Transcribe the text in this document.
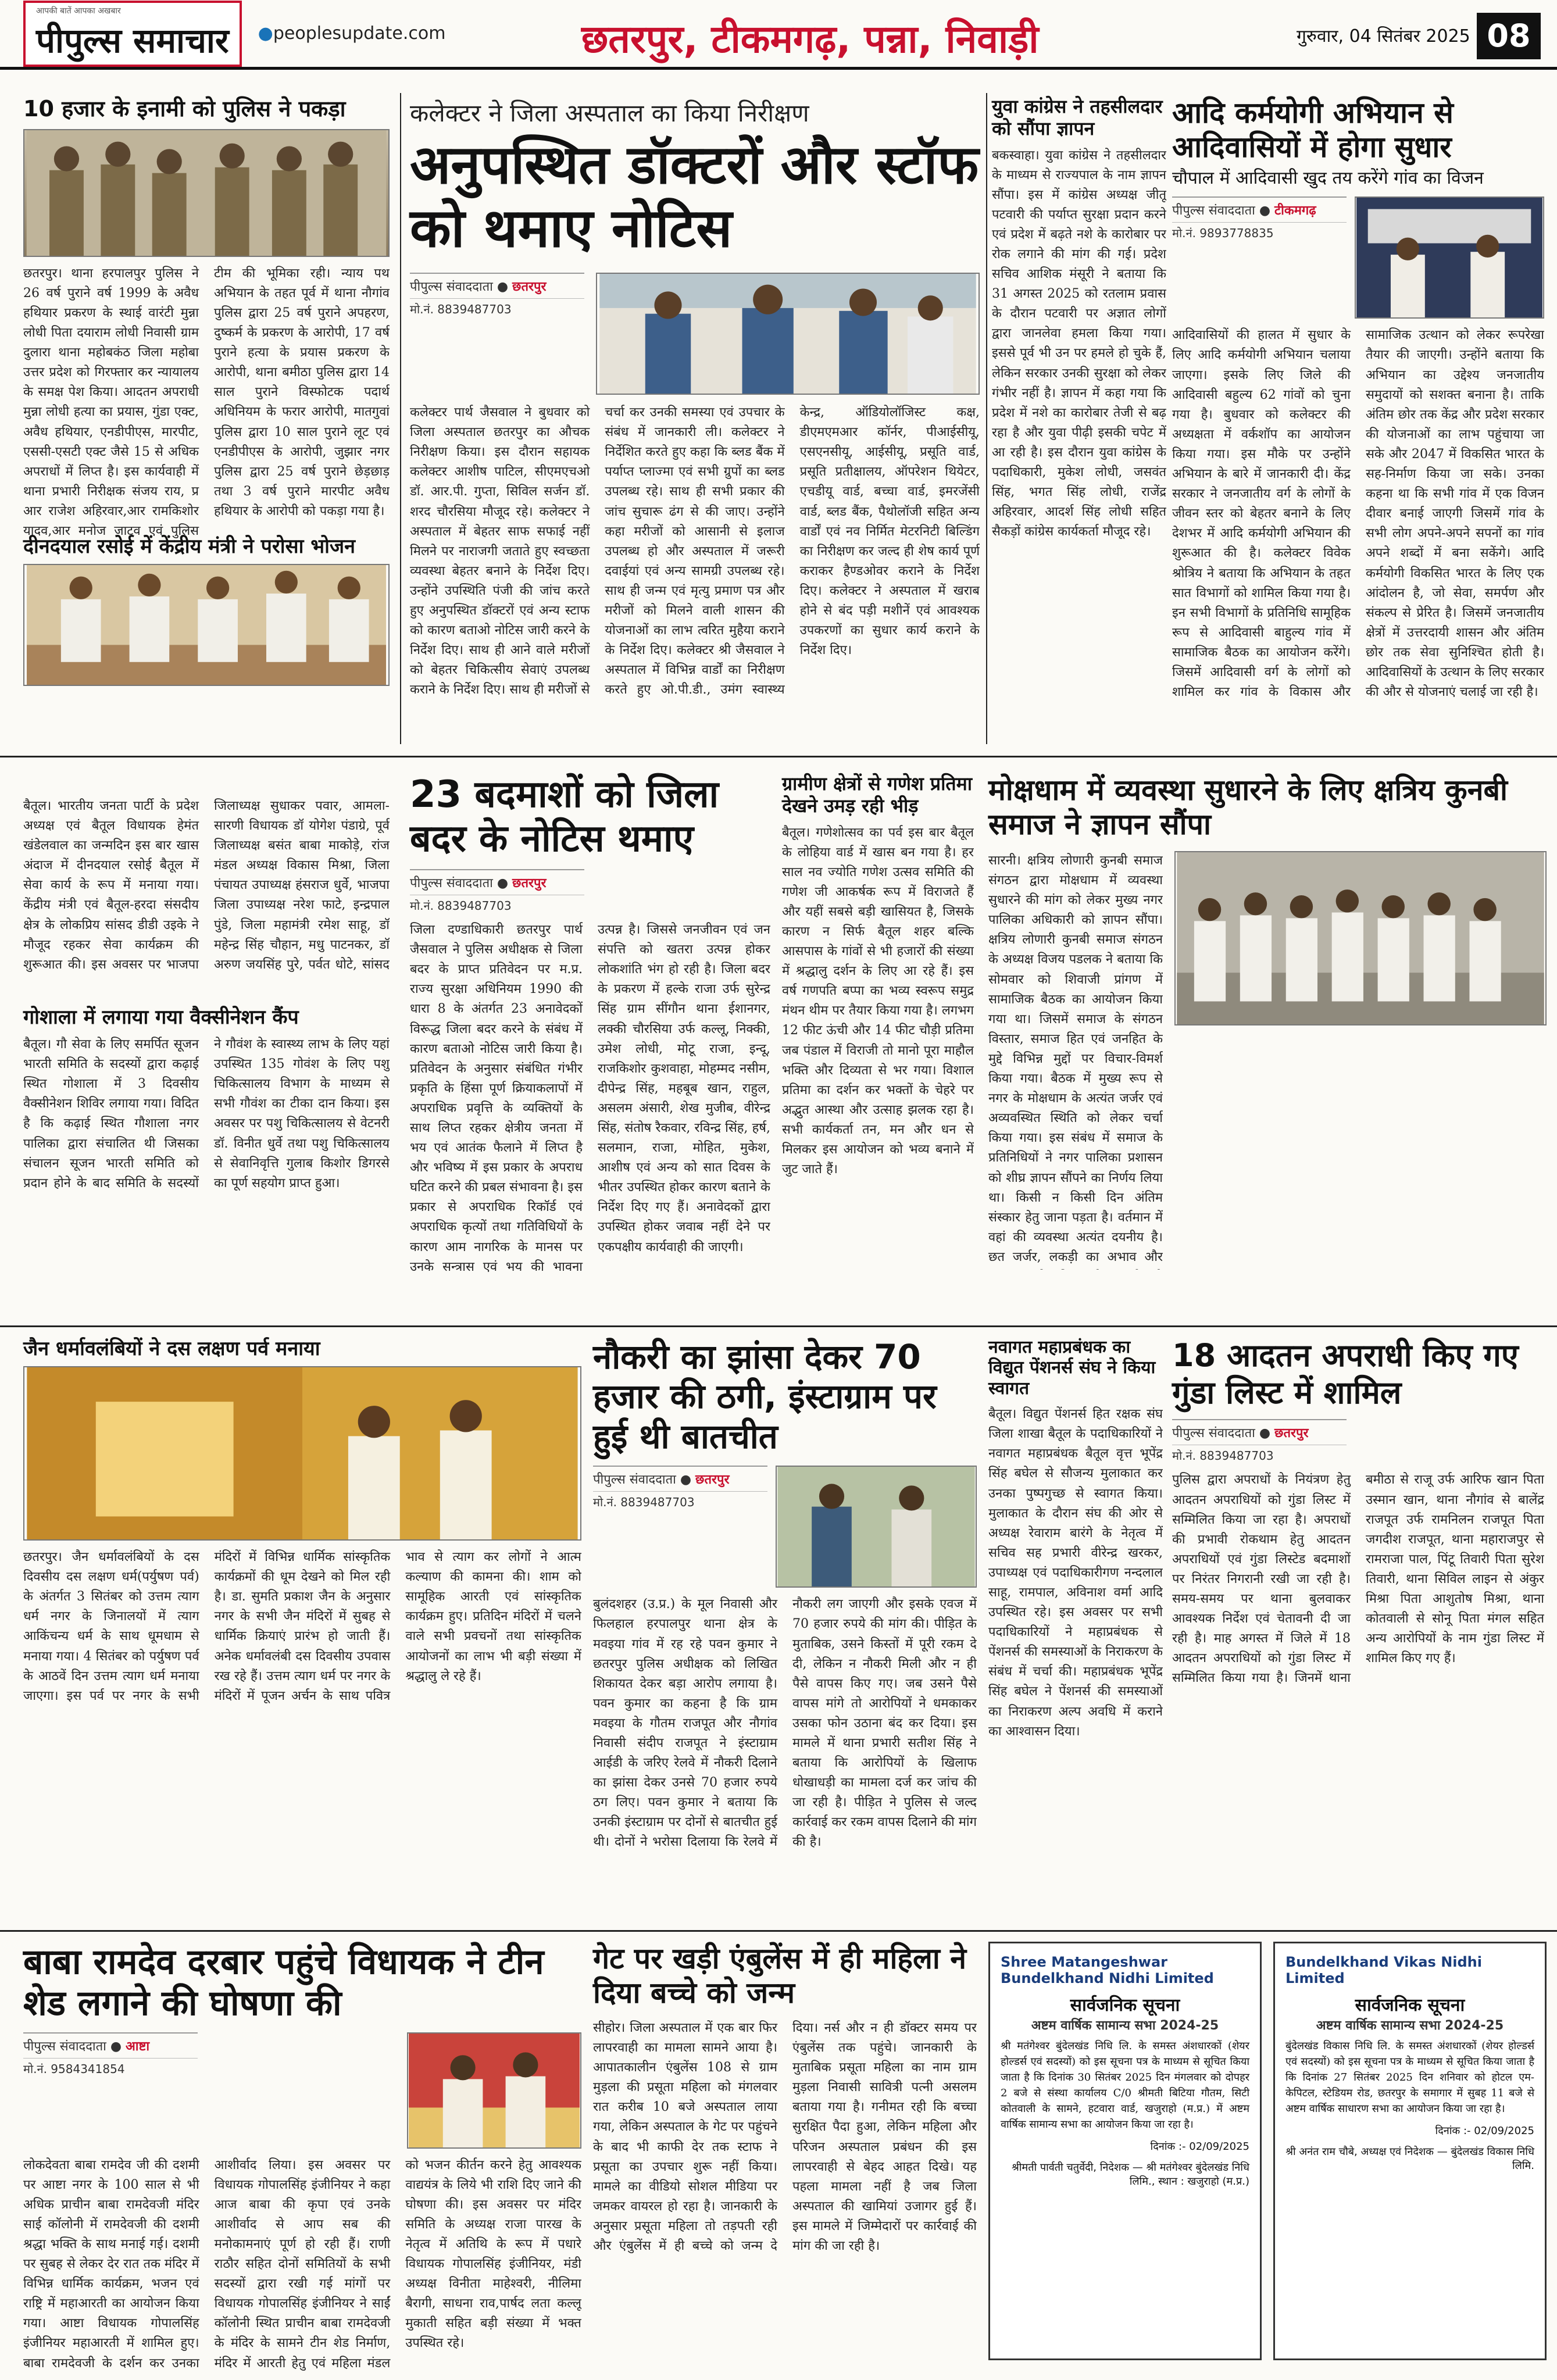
आपकी बातें आपका अखबार
पीपुल्स समाचार
●	peoplesupdate.com	छतरपुर, टीकमगढ़, पन्ना, निवाड़ी	गुरुवार, 04 सितंबर 2025 08
10 हजार के इनामी को पुलिस ने पकड़ा
छतरपुर। थाना हरपालपुर पुलिस ने 26 वर्ष पुराने वर्ष 1999 के अवैध हथियार प्रकरण के स्थाई वारंटी मुन्ना लोधी पिता दयाराम लोधी निवासी ग्राम दुलारा थाना महोबकंठ जिला महोबा उत्तर प्रदेश को गिरफ्तार कर न्यायालय के समक्ष पेश किया। आदतन अपराधी मुन्ना लोधी हत्या का प्रयास, गुंडा एक्ट, अवैध हथियार, एनडीपीएस, मारपीट, एससी-एसटी एक्ट जैसे 15 से अधिक अपराधों में लिप्त है। इस कार्यवाही में थाना प्रभारी निरीक्षक संजय राय, प्र आर राजेश अहिरवार,आर रामकिशोर यादव,आर मनोज जाटव एवं पुलिस टीम की भूमिका रही। न्याय पथ अभियान के तहत पूर्व में थाना नौगांव पुलिस द्वारा 25 वर्ष पुराने अपहरण, दुष्कर्म के प्रकरण के आरोपी, 17 वर्ष पुराने हत्या के प्रयास प्रकरण के आरोपी, थाना बमीठा पुलिस द्वारा 14 साल पुराने विस्फोटक पदार्थ अधिनियम के फरार आरोपी, मातगुवां पुलिस द्वारा 10 साल पुराने लूट एवं एनडीपीएस के आरोपी, जुझार नगर पुलिस द्वारा 25 वर्ष पुराने छेड़छाड़ तथा 3 वर्ष पुराने मारपीट अवैध हथियार के आरोपी को पकड़ा गया है।
दीनदयाल रसोई में केंद्रीय मंत्री ने परोसा भोजन
बैतूल। भारतीय जनता पार्टी के प्रदेश अध्यक्ष एवं बैतूल विधायक हेमंत खंडेलवाल का जन्मदिन इस बार खास अंदाज में दीनदयाल रसोई बैतूल में सेवा कार्य के रूप में मनाया गया। केंद्रीय मंत्री एवं बैतूल-हरदा संसदीय क्षेत्र के लोकप्रिय सांसद डीडी उइके ने मौजूद रहकर सेवा कार्यक्रम की शुरूआत की। इस अवसर पर भाजपा जिलाध्यक्ष सुधाकर पवार, आमला-सारणी विधायक डॉ योगेश पंडाग्रे, पूर्व जिलाध्यक्ष बसंत बाबा माकोड़े, रांज मंडल अध्यक्ष विकास मिश्रा, जिला पंचायत उपाध्यक्ष हंसराज धुर्वे, भाजपा जिला उपाध्यक्ष नरेश फाटे, इन्द्रपाल पुंडे, जिला महामंत्री रमेश साहू, डॉ महेन्द्र सिंह चौहान, मधु पाटनकर, डॉ अरुण जयसिंह पुरे, पर्वत धोटे, सांसद
गोशाला में लगाया गया वैक्सीनेशन कैंप
बैतूल। गौ सेवा के लिए समर्पित सूजन भारती समिति के सदस्यों द्वारा कढ़ाई स्थित गोशाला में 3 दिवसीय वैक्सीनेशन शिविर लगाया गया। विदित है कि कढ़ाई स्थित गौशाला नगर पालिका द्वारा संचालित थी जिसका संचालन सूजन भारती समिति को प्रदान होने के बाद समिति के सदस्यों ने गौवंश के स्वास्थ्य लाभ के लिए यहां उपस्थित 135 गोवंश के लिए पशु चिकित्सालय विभाग के माध्यम से सभी गौवंश का टीका दान किया। इस अवसर पर पशु चिकित्सालय से वेटनरी डॉ. विनीत धुर्वे तथा पशु चिकित्सालय से सेवानिवृत्ति गुलाब किशोर डिगरसे का पूर्ण सहयोग प्राप्त हुआ।
कलेक्टर ने जिला अस्पताल का किया निरीक्षण
अनुपस्थित डॉक्टरों और स्टॉफ को थमाए नोटिस
पीपुल्स संवाददाता ● छतरपुर
मो.नं. 8839487703
कलेक्टर पार्थ जैसवाल ने बुधवार को जिला अस्पताल छतरपुर का औचक निरीक्षण किया। इस दौरान सहायक कलेक्टर आशीष पाटिल, सीएमएचओ डॉ. आर.पी. गुप्ता, सिविल सर्जन डॉ. शरद चौरसिया मौजूद रहे। कलेक्टर ने अस्पताल में बेहतर साफ सफाई नहीं मिलने पर नाराजगी जताते हुए स्वच्छता व्यवस्था बेहतर बनाने के निर्देश दिए। उन्होंने उपस्थिति पंजी की जांच करते हुए अनुपस्थित डॉक्टरों एवं अन्य स्टाफ को कारण बताओ नोटिस जारी करने के निर्देश दिए। साथ ही आने वाले मरीजों को बेहतर चिकित्सीय सेवाएं उपलब्ध कराने के निर्देश दिए। साथ ही मरीजों से चर्चा कर उनकी समस्या एवं उपचार के संबंध में जानकारी ली। कलेक्टर ने निर्देशित करते हुए कहा कि ब्लड बैंक में पर्याप्त प्लाज्मा एवं सभी ग्रुपों का ब्लड उपलब्ध रहे। साथ ही सभी प्रकार की जांच सुचारू ढंग से की जाए। उन्होंने कहा मरीजों को आसानी से इलाज उपलब्ध हो और अस्पताल में जरूरी दवाईयां एवं अन्य सामग्री उपलब्ध रहे। साथ ही जन्म एवं मृत्यु प्रमाण पत्र और मरीजों को मिलने वाली शासन की योजनाओं का लाभ त्वरित मुहैया कराने के निर्देश दिए। कलेक्टर श्री जैसवाल ने अस्पताल में विभिन्न वार्डों का निरीक्षण करते हुए ओ.पी.डी., उमंग स्वास्थ्य केन्द्र, ऑडियोलॉजिस्ट कक्ष, डीएमएमआर कॉर्नर, पीआईसीयू, एसएनसीयू, आईसीयू, प्रसूति वार्ड, प्रसूति प्रतीक्षालय, ऑपरेशन थियेटर, एचडीयू वार्ड, बच्चा वार्ड, इमरजेंसी वार्ड, ब्लड बैंक, पैथोलॉजी सहित अन्य वार्डों एवं नव निर्मित मेटरनिटी बिल्डिंग का निरीक्षण कर जल्द ही शेष कार्य पूर्ण कराकर हैण्डओवर कराने के निर्देश दिए। कलेक्टर ने अस्पताल में खराब होने से बंद पड़ी मशीनें एवं आवश्यक उपकरणों का सुधार कार्य कराने के निर्देश दिए।
युवा कांग्रेस ने तहसीलदार को सौंपा ज्ञापन
बकस्वाहा। युवा कांग्रेस ने तहसीलदार के माध्यम से राज्यपाल के नाम ज्ञापन सौंपा। इस में कांग्रेस अध्यक्ष जीतू पटवारी की पर्याप्त सुरक्षा प्रदान करने एवं प्रदेश में बढ़ते नशे के कारोबार पर रोक लगाने की मांग की गई। प्रदेश सचिव आशिक मंसूरी ने बताया कि 31 अगस्त 2025 को रतलाम प्रवास के दौरान पटवारी पर अज्ञात लोगों द्वारा जानलेवा हमला किया गया। इससे पूर्व भी उन पर हमले हो चुके हैं, लेकिन सरकार उनकी सुरक्षा को लेकर गंभीर नहीं है। ज्ञापन में कहा गया कि प्रदेश में नशे का कारोबार तेजी से बढ़ रहा है और युवा पीढ़ी इसकी चपेट में आ रही है। इस दौरान युवा कांग्रेस के पदाधिकारी, मुकेश लोधी, जसवंत सिंह, भगत सिंह लोधी, राजेंद्र अहिरवार, आदर्श सिंह लोधी सहित सैकड़ों कांग्रेस कार्यकर्ता मौजूद रहे।
आदि कर्मयोगी अभियान से आदिवासियों में होगा सुधार
चौपाल में आदिवासी खुद तय करेंगे गांव का विजन
पीपुल्स संवाददाता ● टीकमगढ़
मो.नं. 9893778835
आदिवासियों की हालत में सुधार के लिए आदि कर्मयोगी अभियान चलाया जाएगा। इसके लिए जिले की आदिवासी बहुल्य 62 गांवों को चुना गया है। बुधवार को कलेक्टर की अध्यक्षता में वर्कशॉप का आयोजन किया गया। इस मौके पर उन्होंने अभियान के बारे में जानकारी दी। केंद्र सरकार ने जनजातीय वर्ग के लोगों के जीवन स्तर को बेहतर बनाने के लिए देशभर में आदि कर्मयोगी अभियान की शुरूआत की है। कलेक्टर विवेक श्रोत्रिय ने बताया कि अभियान के तहत सात विभागों को शामिल किया गया है। इन सभी विभागों के प्रतिनिधि सामूहिक रूप से आदिवासी बाहुल्य गांव में सामाजिक बैठक का आयोजन करेंगे। जिसमें आदिवासी वर्ग के लोगों को शामिल कर गांव के विकास और सामाजिक उत्थान को लेकर रूपरेखा तैयार की जाएगी। उन्होंने बताया कि अभियान का उद्देश्य जनजातीय समुदायों को सशक्त बनाना है। ताकि अंतिम छोर तक केंद्र और प्रदेश सरकार की योजनाओं का लाभ पहुंचाया जा सके और 2047 में विकसित भारत के सह-निर्माण किया जा सके। उनका कहना था कि सभी गांव में एक विजन दीवार बनाई जाएगी जिसमें गांव के सभी लोग अपने-अपने सपनों का गांव अपने शब्दों में बना सकेंगे। आदि कर्मयोगी विकसित भारत के लिए एक आंदोलन है, जो सेवा, समर्पण और संकल्प से प्रेरित है। जिसमें जनजातीय क्षेत्रों में उत्तरदायी शासन और अंतिम छोर तक सेवा सुनिश्चित होती है। आदिवासियों के उत्थान के लिए सरकार की और से योजनाएं चलाई जा रही है।
23 बदमाशों को जिला बदर के नोटिस थमाए
पीपुल्स संवाददाता ● छतरपुर
मो.नं. 8839487703
जिला दण्डाधिकारी छतरपुर पार्थ जैसवाल ने पुलिस अधीक्षक से जिला बदर के प्राप्त प्रतिवेदन पर म.प्र. राज्य सुरक्षा अधिनियम 1990 की धारा 8 के अंतर्गत 23 अनावेदकों विरूद्ध जिला बदर करने के संबंध में कारण बताओ नोटिस जारी किया है। प्रतिवेदन के अनुसार संबंधित गंभीर प्रकृति के हिंसा पूर्ण क्रियाकलापों में अपराधिक प्रवृत्ति के व्यक्तियों के साथ लिप्त रहकर क्षेत्रीय जनता में भय एवं आतंक फैलाने में लिप्त है और भविष्य में इस प्रकार के अपराध घटित करने की प्रबल संभावना है। इस प्रकार से अपराधिक रिकॉर्ड एवं अपराधिक कृत्यों तथा गतिविधियों के कारण आम नागरिक के मानस पर उनके सन्त्रास एवं भय की भावना उत्पन्न है। जिससे जनजीवन एवं जन संपत्ति को खतरा उत्पन्न होकर लोकशांति भंग हो रही है। जिला बदर के प्रकरण में हल्के राजा उर्फ सुरेन्द्र सिंह ग्राम सींगौन थाना ईशानगर, लक्की चौरसिया उर्फ कल्लू, निक्की, उमेश लोधी, मोटू राजा, इन्दू, राजकिशोर कुशवाहा, मोहम्मद नसीम, दीपेन्द्र सिंह, महबूब खान, राहुल, असलम अंसारी, शेख मुजीब, वीरेन्द्र सिंह, संतोष रैकवार, रविन्द्र सिंह, हर्ष, सलमान, राजा, मोहित, मुकेश, आशीष एवं अन्य को सात दिवस के भीतर उपस्थित होकर कारण बताने के निर्देश दिए गए हैं। अनावेदकों द्वारा उपस्थित होकर जवाब नहीं देने पर एकपक्षीय कार्यवाही की जाएगी।
ग्रामीण क्षेत्रों से गणेश प्रतिमा देखने उमड़ रही भीड़
बैतूल। गणेशोत्सव का पर्व इस बार बैतूल के लोहिया वार्ड में खास बन गया है। हर साल नव ज्योति गणेश उत्सव समिति की गणेश जी आकर्षक रूप में विराजते हैं और यहीं सबसे बड़ी खासियत है, जिसके कारण न सिर्फ बैतूल शहर बल्कि आसपास के गांवों से भी हजारों की संख्या में श्रद्धालु दर्शन के लिए आ रहे हैं। इस वर्ष गणपति बप्पा का भव्य स्वरूप समुद्र मंथन थीम पर तैयार किया गया है। लगभग 12 फीट ऊंची और 14 फीट चौड़ी प्रतिमा जब पंडाल में विराजी तो मानो पूरा माहौल भक्ति और दिव्यता से भर गया। विशाल प्रतिमा का दर्शन कर भक्तों के चेहरे पर अद्भुत आस्था और उत्साह झलक रहा है। सभी कार्यकर्ता तन, मन और धन से मिलकर इस आयोजन को भव्य बनाने में जुट जाते हैं।
मोक्षधाम में व्यवस्था सुधारने के लिए क्षत्रिय कुनबी समाज ने ज्ञापन सौंपा
सारनी। क्षत्रिय लोणारी कुनबी समाज संगठन द्वारा मोक्षधाम में व्यवस्था सुधारने की मांग को लेकर मुख्य नगर पालिका अधिकारी को ज्ञापन सौंपा। क्षत्रिय लोणारी कुनबी समाज संगठन के अध्यक्ष विजय पडलक ने बताया कि सोमवार को शिवाजी प्रांगण में सामाजिक बैठक का आयोजन किया गया था। जिसमें समाज के संगठन विस्तार, समाज हित एवं जनहित के मुद्दे विभिन्न मुद्दों पर विचार-विमर्श किया गया। बैठक में मुख्य रूप से नगर के मोक्षधाम के अत्यंत जर्जर एवं अव्यवस्थित स्थिति को लेकर चर्चा किया गया। इस संबंध में समाज के प्रतिनिधियों ने नगर पालिका प्रशासन को शीघ्र ज्ञापन सौंपने का निर्णय लिया था। किसी न किसी दिन अंतिम संस्कार हेतु जाना पड़ता है। वर्तमान में वहां की व्यवस्था अत्यंत दयनीय है। छत जर्जर, लकड़ी का अभाव और
जैन धर्मावलंबियों ने दस लक्षण पर्व मनाया
छतरपुर। जैन धर्मावलंबियों के दस दिवसीय दस लक्षण धर्म(पर्युषण पर्व) के अंतर्गत 3 सितंबर को उत्तम त्याग धर्म नगर के जिनालयों में त्याग आकिंचन्य धर्म के साथ धूमधाम से मनाया गया। 4 सितंबर को पर्युषण पर्व के आठवें दिन उत्तम त्याग धर्म मनाया जाएगा। इस पर्व पर नगर के सभी मंदिरों में विभिन्न धार्मिक सांस्कृतिक कार्यक्रमों की धूम देखने को मिल रही है। डा. सुमति प्रकाश जैन के अनुसार नगर के सभी जैन मंदिरों में सुबह से धार्मिक क्रियाएं प्रारंभ हो जाती हैं। अनेक धर्मावलंबी दस दिवसीय उपवास रख रहे हैं। उत्तम त्याग धर्म पर नगर के मंदिरों में पूजन अर्चन के साथ पवित्र भाव से त्याग कर लोगों ने आत्म कल्याण की कामना की। शाम को सामूहिक आरती एवं सांस्कृतिक कार्यक्रम हुए। प्रतिदिन मंदिरों में चलने वाले सभी प्रवचनों तथा सांस्कृतिक आयोजनों का लाभ भी बड़ी संख्या में श्रद्धालु ले रहे हैं।
नौकरी का झांसा देकर 70 हजार की ठगी, इंस्टाग्राम पर हुई थी बातचीत
पीपुल्स संवाददाता ● छतरपुर
मो.नं. 8839487703
बुलंदशहर (उ.प्र.) के मूल निवासी और फिलहाल हरपालपुर थाना क्षेत्र के मवइया गांव में रह रहे पवन कुमार ने छतरपुर पुलिस अधीक्षक को लिखित शिकायत देकर बड़ा आरोप लगाया है। पवन कुमार का कहना है कि ग्राम मवइया के गौतम राजपूत और नौगांव निवासी संदीप राजपूत ने इंस्टाग्राम आईडी के जरिए रेलवे में नौकरी दिलाने का झांसा देकर उनसे 70 हजार रुपये ठग लिए। पवन कुमार ने बताया कि उनकी इंस्टाग्राम पर दोनों से बातचीत हुई थी। दोनों ने भरोसा दिलाया कि रेलवे में नौकरी लग जाएगी और इसके एवज में 70 हजार रुपये की मांग की। पीड़ित के मुताबिक, उसने किस्तों में पूरी रकम दे दी, लेकिन न नौकरी मिली और न ही पैसे वापस किए गए। जब उसने पैसे वापस मांगे तो आरोपियों ने धमकाकर उसका फोन उठाना बंद कर दिया। इस मामले में थाना प्रभारी सतीश सिंह ने बताया कि आरोपियों के खिलाफ धोखाधड़ी का मामला दर्ज कर जांच की जा रही है। पीड़ित ने पुलिस से जल्द कार्रवाई कर रकम वापस दिलाने की मांग की है।
नवागत महाप्रबंधक का विद्युत पेंशनर्स संघ ने किया स्वागत
बैतूल। विद्युत पेंशनर्स हित रक्षक संघ जिला शाखा बैतूल के पदाधिकारियों ने नवागत महाप्रबंधक बैतूल वृत्त भूपेंद्र सिंह बघेल से सौजन्य मुलाकात कर उनका पुष्पगुच्छ से स्वागत किया। मुलाकात के दौरान संघ की ओर से अध्यक्ष रेवाराम बारंगे के नेतृत्व में सचिव सह प्रभारी वीरेन्द्र खरकर, उपाध्यक्ष एवं पदाधिकारीगण नन्दलाल साहू, रामपाल, अविनाश वर्मा आदि उपस्थित रहे। इस अवसर पर सभी पदाधिकारियों ने महाप्रबंधक से पेंशनर्स की समस्याओं के निराकरण के संबंध में चर्चा की। महाप्रबंधक भूपेंद्र सिंह बघेल ने पेंशनर्स की समस्याओं का निराकरण अल्प अवधि में कराने का आश्वासन दिया।
18 आदतन अपराधी किए गए गुंडा लिस्ट में शामिल
पीपुल्स संवाददाता ● छतरपुर
मो.नं. 8839487703
पुलिस द्वारा अपराधों के नियंत्रण हेतु आदतन अपराधियों को गुंडा लिस्ट में सम्मिलित किया जा रहा है। अपराधों की प्रभावी रोकथाम हेतु आदतन अपराधियों एवं गुंडा लिस्टेड बदमाशों पर निरंतर निगरानी रखी जा रही है। समय-समय पर थाना बुलवाकर आवश्यक निर्देश एवं चेतावनी दी जा रही है। माह अगस्त में जिले में 18 आदतन अपराधियों को गुंडा लिस्ट में सम्मिलित किया गया है। जिनमें थाना बमीठा से राजू उर्फ आरिफ खान पिता उस्मान खान, थाना नौगांव से बालेंद्र राजपूत उर्फ रामनिलन राजपूत पिता जगदीश राजपूत, थाना महाराजपुर से रामराजा पाल, पिंटू तिवारी पिता सुरेश तिवारी, थाना सिविल लाइन से अंकुर मिश्रा पिता आशुतोष मिश्रा, थाना कोतवाली से सोनू पिता मंगल सहित अन्य आरोपियों के नाम गुंडा लिस्ट में शामिल किए गए हैं।
बाबा रामदेव दरबार पहुंचे विधायक ने टीन शेड लगाने की घोषणा की
पीपुल्स संवाददाता ● आष्टा
मो.नं. 9584341854
लोकदेवता बाबा रामदेव जी की दशमी पर आष्टा नगर के 100 साल से भी अधिक प्राचीन बाबा रामदेवजी मंदिर साई कॉलोनी में रामदेवजी की दशमी श्रद्धा भक्ति के साथ मनाई गई। दशमी पर सुबह से लेकर देर रात तक मंदिर में विभिन्न धार्मिक कार्यक्रम, भजन एवं राष्ट्रि में महाआरती का आयोजन किया गया। आष्टा विधायक गोपालसिंह इंजीनियर महाआरती में शामिल हुए। बाबा रामदेवजी के दर्शन कर उनका आशीर्वाद लिया। इस अवसर पर विधायक गोपालसिंह इंजीनियर ने कहा आज बाबा की कृपा एवं उनके आशीर्वाद से आप सब की मनोकामनाएं पूर्ण हो रही हैं। राणी रा‍ठौर सहित दोनों समितियों के सभी सदस्यों द्वारा रखी गई मांगों पर विधायक गोपालसिंह इंजीनियर ने साईं कॉलोनी स्थित प्राचीन बाबा रामदेवजी के मंदिर के सामने टीन शेड निर्माण, मंदिर में आरती हेतु एवं महिला मंडल को भजन कीर्तन करने हेतु आवश्यक वाद्ययंत्र के लिये भी राशि दिए जाने की घोषणा की। इस अवसर पर मंदिर समिति के अध्यक्ष राजा पारख के नेतृत्व में अतिथि के रूप में पधारे विधायक गोपालसिंह इंजीनियर, मंडी अध्यक्ष विनीता माहेश्वरी, नीलिमा बैरागी, साधना राव,पार्षद लता कल्लू मुकाती सहित बड़ी संख्या में भक्त उपस्थित रहे।
गेट पर खड़ी एंबुलेंस में ही महिला ने दिया बच्चे को जन्म
सीहोर। जिला अस्पताल में एक बार फिर लापरवाही का मामला सामने आया है। आपातकालीन एंबुलेंस 108 से ग्राम मुड़ला की प्रसूता महिला को मंगलवार रात करीब 10 बजे अस्पताल लाया गया, लेकिन अस्पताल के गेट पर पहुंचने के बाद भी काफी देर तक स्टाफ ने प्रसूता का उपचार शुरू नहीं किया। मामले का वीडियो सोशल मीडिया पर जमकर वायरल हो रहा है। जानकारी के अनुसार प्रसूता महिला तो तड़पती रही और एंबुलेंस में ही बच्चे को जन्म दे दिया। नर्स और न ही डॉक्टर समय पर एंबुलेंस तक पहुंचे। जानकारी के मुताबिक प्रसूता महिला का नाम ग्राम मुड़ला निवासी सावित्री पत्नी असलम बताया गया है। गनीमत रही कि बच्चा सुरक्षित पैदा हुआ, लेकिन महिला और परिजन अस्पताल प्रबंधन की इस लापरवाही से बेहद आहत दिखे। यह पहला मामला नहीं है जब जिला अस्पताल की खामियां उजागर हुई हैं। इस मामले में जिम्मेदारों पर कार्रवाई की मांग की जा रही है।
Shree Matangeshwar Bundelkhand Nidhi Limited
सार्वजनिक सूचना
अष्टम वार्षिक सामान्य सभा 2024-25

श्री मतंगेश्वर बुंदेलखंड निधि लि. के समस्त अंशधारकों (शेयर होल्डर्स एवं सदस्यों) को इस सूचना पत्र के माध्यम से सूचित किया जाता है कि दिनांक 30 सितंबर 2025 दिन मंगलवार को दोपहर 2 बजे से संस्था कार्यालय C/0 श्रीमती बिटिया गौतम, सिटी कोतवाली के सामने, हटवारा वार्ड, खजुराहो (म.प्र.) में अष्टम वार्षिक सामान्य सभा का आयोजन किया जा रहा है।

दिनांक :- 02/09/2025
श्रीमती पार्वती चतुर्वेदी, निदेशक — श्री मतंगेश्वर बुंदेलखंड निधि लिमि., स्थान : खजुराहो (म.प्र.)
Bundelkhand Vikas Nidhi Limited
सार्वजनिक सूचना
अष्टम वार्षिक सामान्य सभा 2024-25

बुंदेलखंड विकास निधि लि. के समस्त अंशधारकों (शेयर होल्डर्स एवं सदस्यों) को इस सूचना पत्र के माध्यम से सूचित किया जाता है कि दिनांक 27 सितंबर 2025 दिन शनिवार को होटल एम-केपिटल, स्टेडियम रोड, छतरपुर के समागार में सुबह 11 बजे से अष्टम वार्षिक साधारण सभा का आयोजन किया जा रहा है।

दिनांक :- 02/09/2025
श्री अनंत राम चौबे, अध्यक्ष एवं निदेशक — बुंदेलखंड विकास निधि लिमि.
